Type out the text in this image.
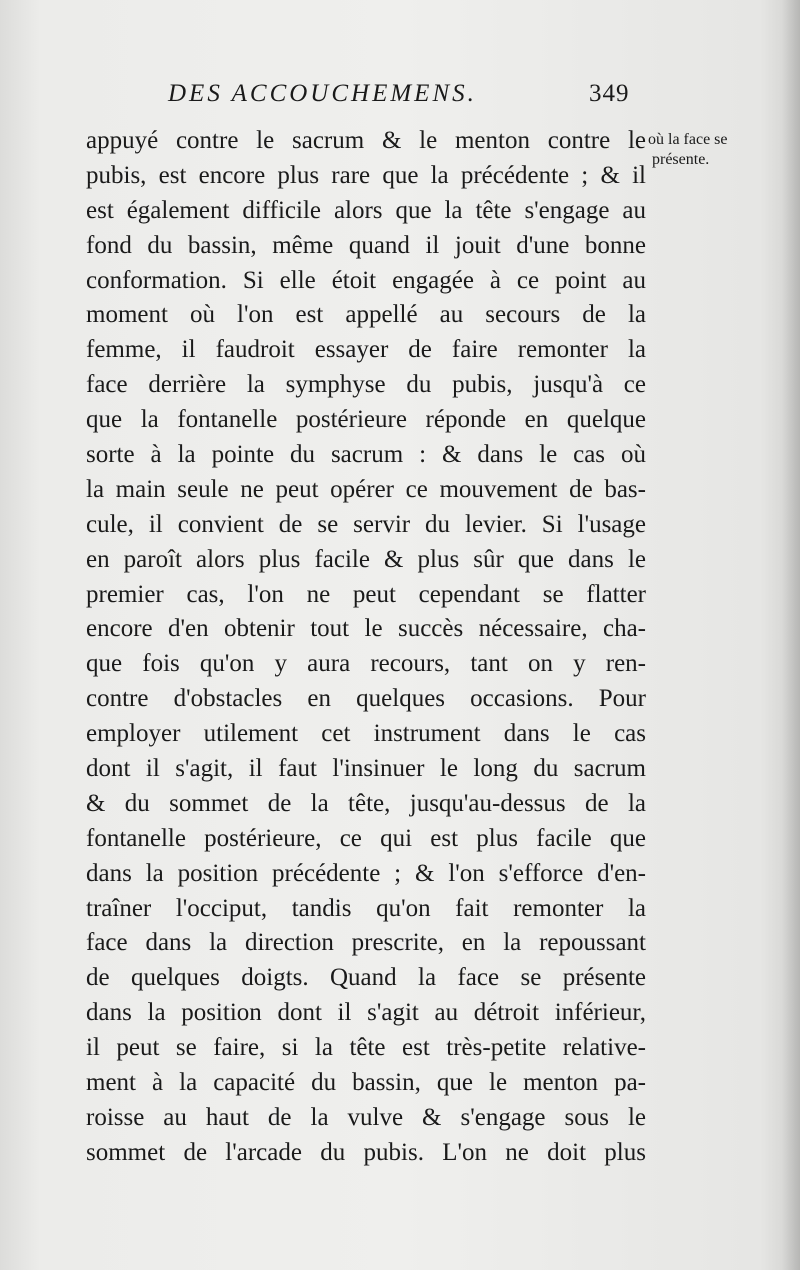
DES ACCOUCHEMENS.	349
où la face se
présente.
appuyé contre le sacrum & le menton contre le
pubis, est encore plus rare que la précédente ; & il
est également difficile alors que la tête s'engage au
fond du bassin, même quand il jouit d'une bonne
conformation. Si elle étoit engagée à ce point au
moment où l'on est appellé au secours de la
femme, il faudroit essayer de faire remonter la
face derrière la symphyse du pubis, jusqu'à ce
que la fontanelle postérieure réponde en quelque
sorte à la pointe du sacrum : & dans le cas où
la main seule ne peut opérer ce mouvement de bas-
cule, il convient de se servir du levier. Si l'usage
en paroît alors plus facile & plus sûr que dans le
premier cas, l'on ne peut cependant se flatter
encore d'en obtenir tout le succès nécessaire, cha-
que fois qu'on y aura recours, tant on y ren-
contre d'obstacles en quelques occasions. Pour
employer utilement cet instrument dans le cas
dont il s'agit, il faut l'insinuer le long du sacrum
& du sommet de la tête, jusqu'au-dessus de la
fontanelle postérieure, ce qui est plus facile que
dans la position précédente ; & l'on s'efforce d'en-
traîner l'occiput, tandis qu'on fait remonter la
face dans la direction prescrite, en la repoussant
de quelques doigts. Quand la face se présente
dans la position dont il s'agit au détroit inférieur,
il peut se faire, si la tête est très-petite relative-
ment à la capacité du bassin, que le menton pa-
roisse au haut de la vulve & s'engage sous le
sommet de l'arcade du pubis. L'on ne doit plus
